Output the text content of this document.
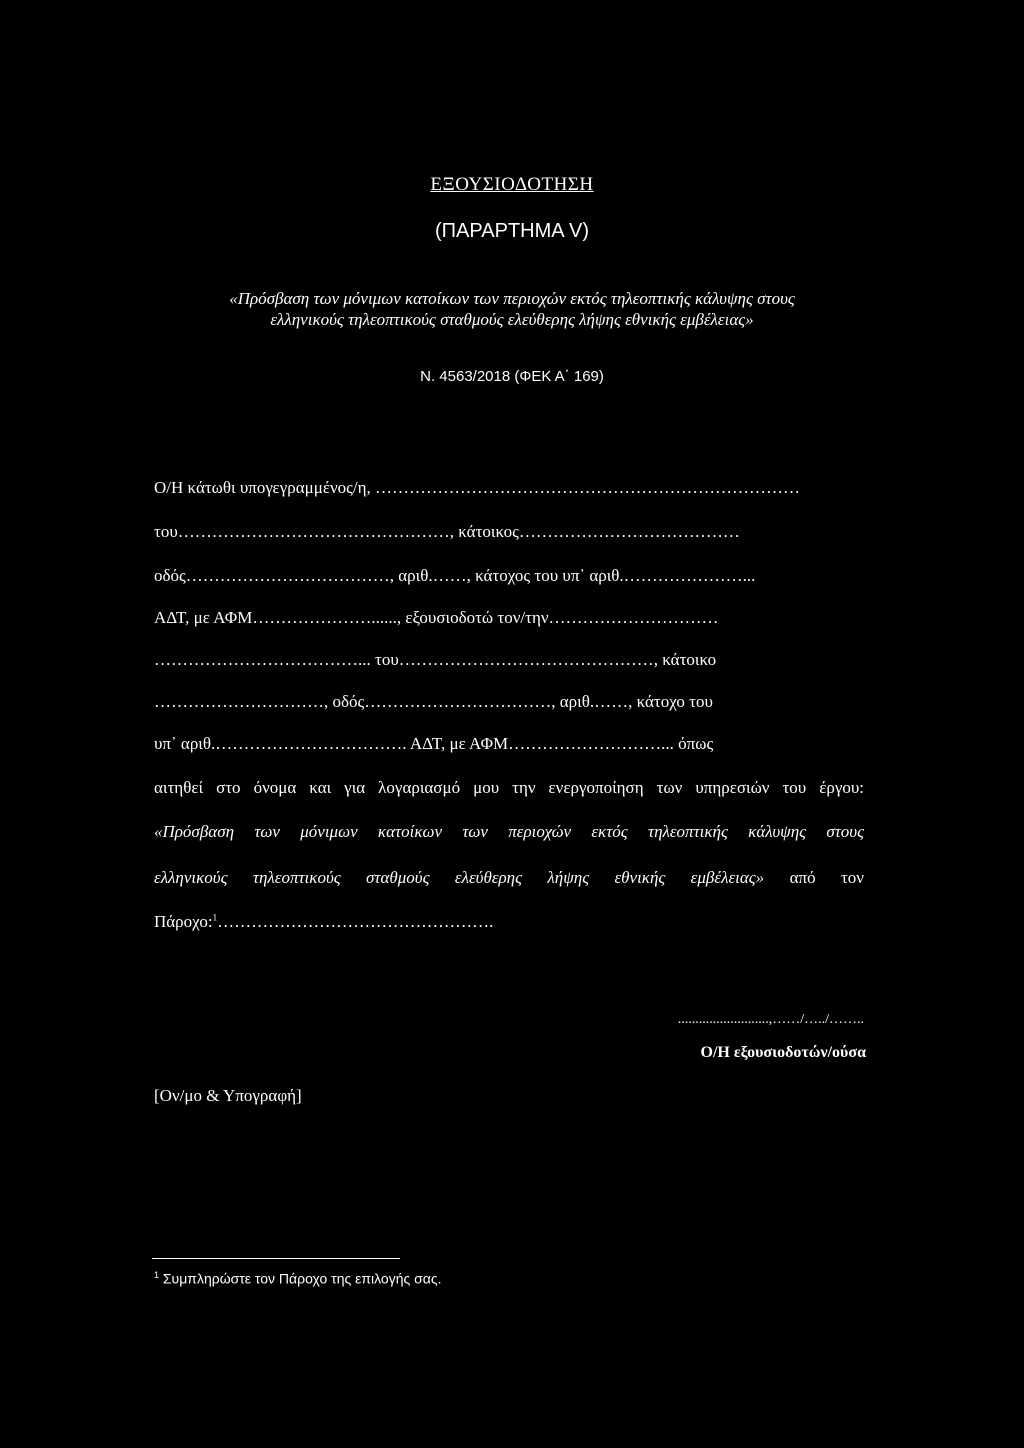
ΕΞΟΥΣΙΟΔΟΤΗΣΗ
(ΠΑΡΑΡΤΗΜΑ V)
«Πρόσβαση των μόνιμων κατοίκων των περιοχών εκτός τηλεοπτικής κάλυψης στους
ελληνικούς τηλεοπτικούς σταθμούς ελεύθερης λήψης εθνικής εμβέλειας»
Ν. 4563/2018 (ΦΕΚ Α΄ 169)
Ο/Η κάτωθι υπογεγραμμένος/η, …………………………………………………………………
του…………………………………………, κάτοικος…………………………………
οδός………………………………, αριθ.……, κάτοχος του υπ᾽ αριθ.…………………...
ΑΔΤ, με ΑΦΜ…………………......, εξουσιοδοτώ τον/την…………………………
………………………………... του………………………………………, κάτοικο
…………………………, οδός……………………………, αριθ.……, κάτοχο του
υπ᾽ αριθ.……………………………. ΑΔΤ, με ΑΦΜ………………………... όπως
αιτηθεί στο όνομα και για λογαριασμό μου την ενεργοποίηση των υπηρεσιών του έργου:
«Πρόσβαση των μόνιμων κατοίκων των περιοχών εκτός τηλεοπτικής κάλυψης στους
ελληνικούς τηλεοπτικούς σταθμούς ελεύθερης λήψης εθνικής εμβέλειας» από τον
Πάροχο:$^1$………………………………………….
..........................,……/…../……..
Ο/Η εξουσιοδοτών/ούσα
[Ον/μο & Υπογραφή]
$^1$ Συμπληρώστε τον Πάροχο της επιλογής σας.
